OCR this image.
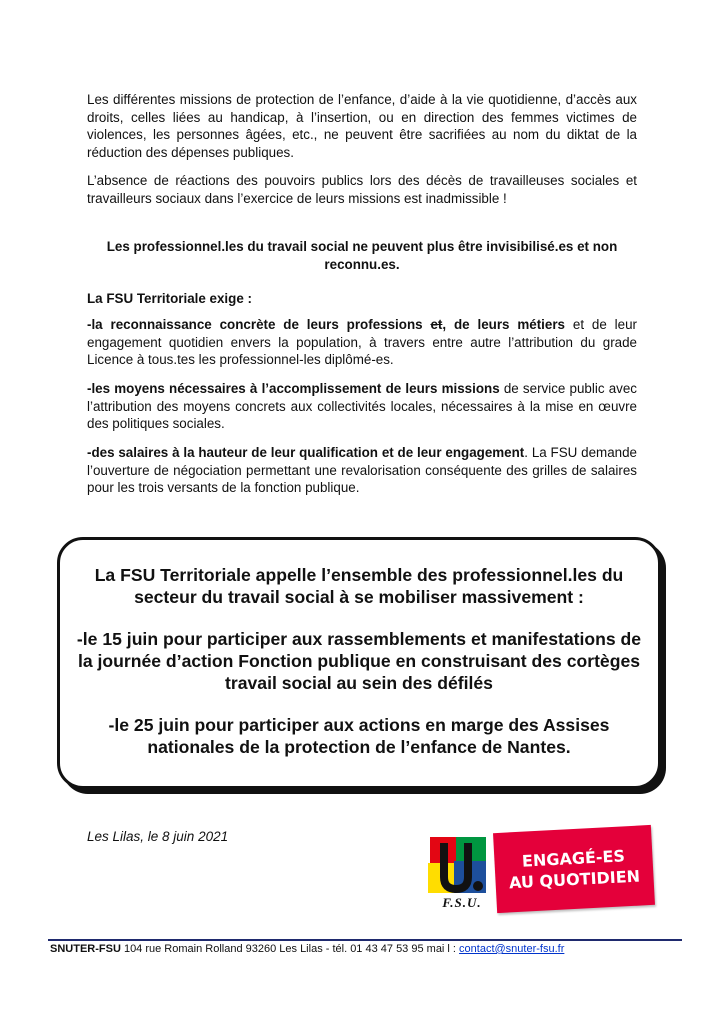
Les différentes missions de protection de l’enfance, d’aide à la vie quotidienne, d’accès aux droits, celles liées au handicap, à l’insertion, ou en direction des femmes victimes de violences, les personnes âgées, etc., ne peuvent être sacrifiées au nom du diktat de la réduction des dépenses publiques.

L’absence de réactions des pouvoirs publics lors des décès de travailleuses sociales et travailleurs sociaux dans l’exercice de leurs missions est inadmissible !

Les professionnel.les du travail social ne peuvent plus être invisibilisé.es et non reconnu.es.

La FSU Territoriale exige :

-la reconnaissance concrète de leurs professions et, de leurs métiers et de leur engagement quotidien envers la population, à travers entre autre l’attribution du grade Licence à tous.tes les professionnel-les diplômé-es.

-les moyens nécessaires à l’accomplissement de leurs missions de service public avec l’attribution des moyens concrets aux collectivités locales, nécessaires à la mise en œuvre des politiques sociales.

-des salaires à la hauteur de leur qualification et de leur engagement. La FSU demande l’ouverture de négociation permettant une revalorisation conséquente des grilles de salaires pour les trois versants de la fonction publique.

La FSU Territoriale appelle l’ensemble des professionnel.les du secteur du travail social à se mobiliser massivement :

-le 15 juin pour participer aux rassemblements et manifestations de la journée d’action Fonction publique en construisant des cortèges travail social au sein des défilés

-le 25 juin pour participer aux actions en marge des Assises nationales de la protection de l’enfance de Nantes.

Les Lilas, le 8 juin 2021
F.S.U.
ENGAGÉ-ES
AU QUOTIDIEN
SNUTER-FSU 104 rue Romain Rolland 93260 Les Lilas - tél. 01 43 47 53 95 mai l : contact@snuter-fsu.fr
